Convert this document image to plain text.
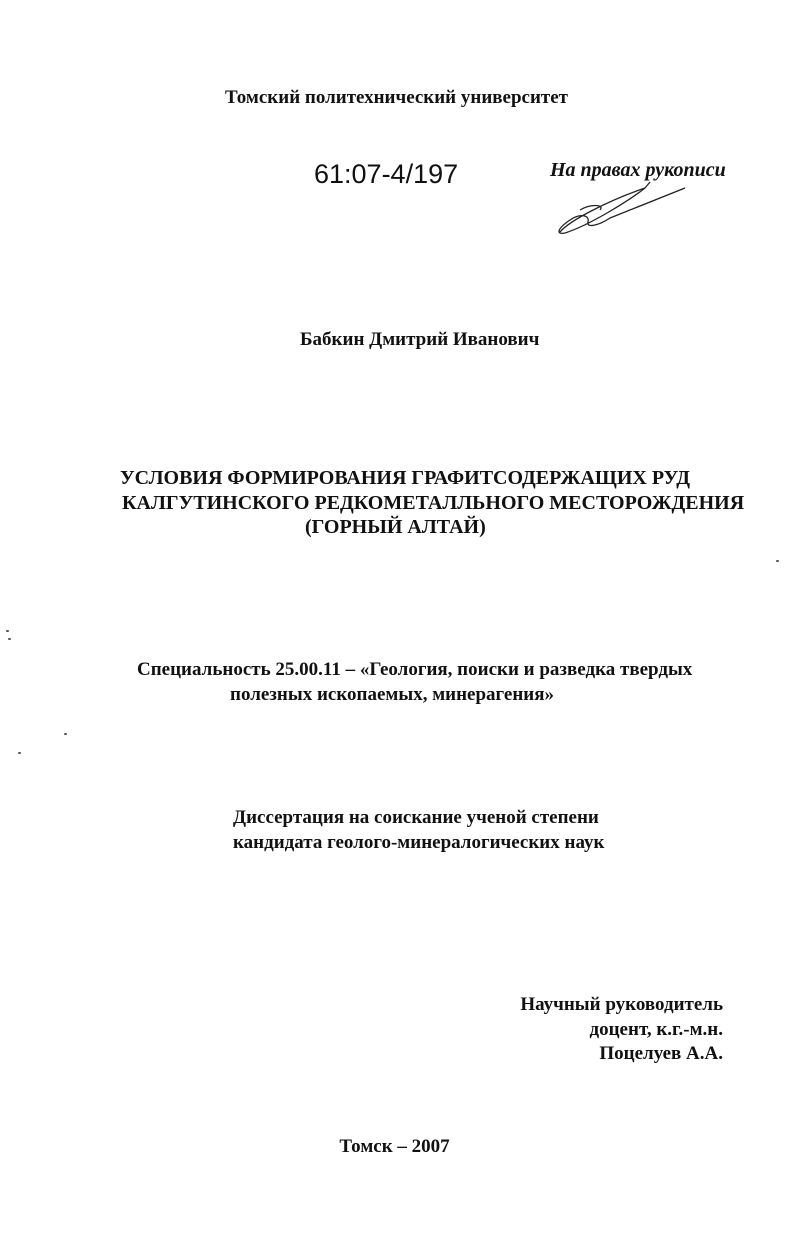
Томский политехнический университет
61:07-4/197	На правах рукописи
Бабкин Дмитрий Иванович
УСЛОВИЯ ФОРМИРОВАНИЯ ГРАФИТСОДЕРЖАЩИХ РУД
КАЛГУТИНСКОГО РЕДКОМЕТАЛЛЬНОГО МЕСТОРОЖДЕНИЯ
(ГОРНЫЙ АЛТАЙ)
Специальность 25.00.11 – «Геология, поиски и разведка твердых
полезных ископаемых, минерагения»
Диссертация на соискание ученой степени
кандидата геолого-минералогических наук
Научный руководитель
доцент, к.г.-м.н.
Поцелуев А.А.
Томск – 2007
